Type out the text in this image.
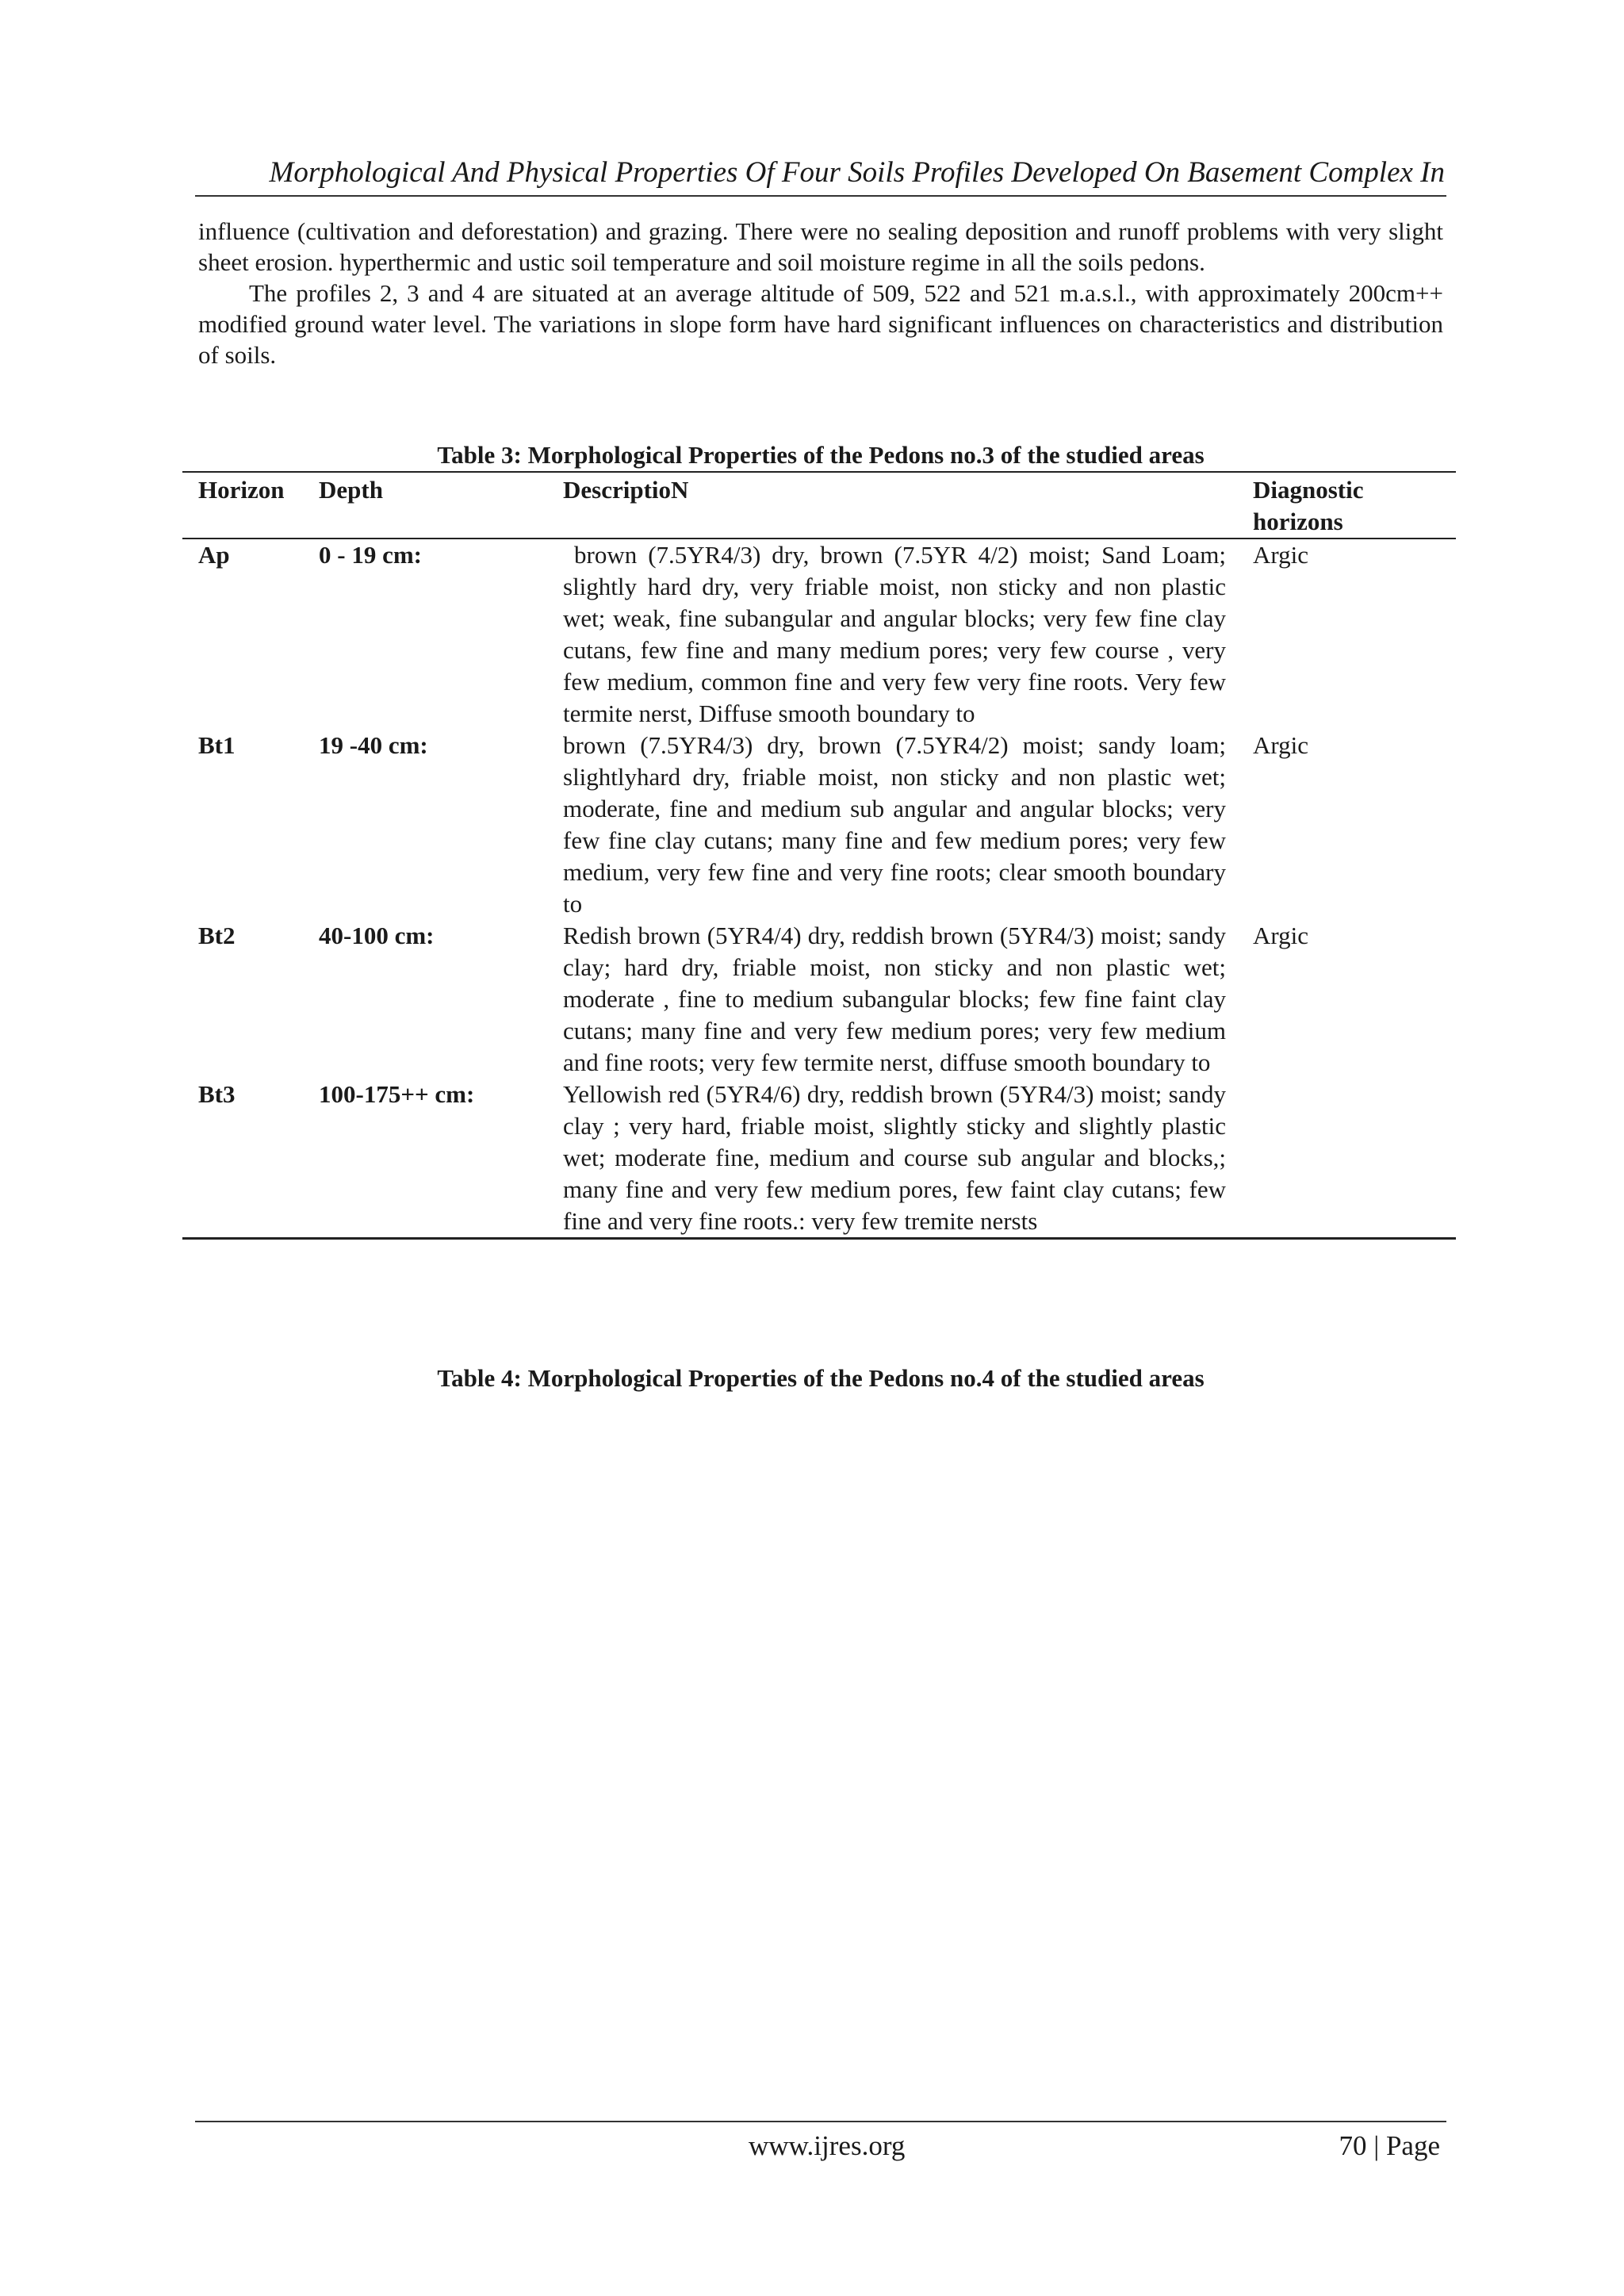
Morphological And Physical Properties Of Four Soils Profiles Developed On Basement Complex In

influence (cultivation and deforestation) and grazing. There were no sealing deposition and runoff problems with very slight sheet erosion. hyperthermic and ustic soil temperature and soil moisture regime in all the soils pedons.

The profiles 2, 3 and 4 are situated at an average altitude of 509, 522 and 521 m.a.s.l., with approximately 200cm++ modified ground water level. The variations in slope form have hard significant influences on characteristics and distribution of soils.

Table 3: Morphological Properties of the Pedons no.3 of the studied areas
Horizon	Depth	DescriptioN	Diagnostic horizons
Ap	0 - 19 cm:	brown (7.5YR4/3) dry, brown (7.5YR 4/2) moist; Sand Loam; slightly hard dry, very friable moist, non sticky and non plastic wet; weak, fine subangular and angular blocks; very few fine clay cutans, few fine and many medium pores; very few course , very few medium, common fine and very few very fine roots. Very few termite nerst, Diffuse smooth boundary to	Argic
Bt1	19 -40 cm:	brown (7.5YR4/3) dry, brown (7.5YR4/2) moist; sandy loam; slightlyhard dry, friable moist, non sticky and non plastic wet; moderate, fine and medium sub angular and angular blocks; very few fine clay cutans; many fine and few medium pores; very few medium, very few fine and very fine roots; clear smooth boundary to	Argic
Bt2	40-100 cm:	Redish brown (5YR4/4) dry, reddish brown (5YR4/3) moist; sandy clay; hard dry, friable moist, non sticky and non plastic wet; moderate , fine to medium subangular blocks; few fine faint clay cutans; many fine and very few medium pores; very few medium and fine roots; very few termite nerst, diffuse smooth boundary to	Argic
Bt3	100-175++ cm:	Yellowish red (5YR4/6) dry, reddish brown (5YR4/3) moist; sandy clay ; very hard, friable moist, slightly sticky and slightly plastic wet; moderate fine, medium and course sub angular and blocks,; many fine and very few medium pores, few faint clay cutans; few fine and very fine roots.: very few tremite nersts	
Table 4: Morphological Properties of the Pedons no.4 of the studied areas
www.ijres.org	70 | Page
